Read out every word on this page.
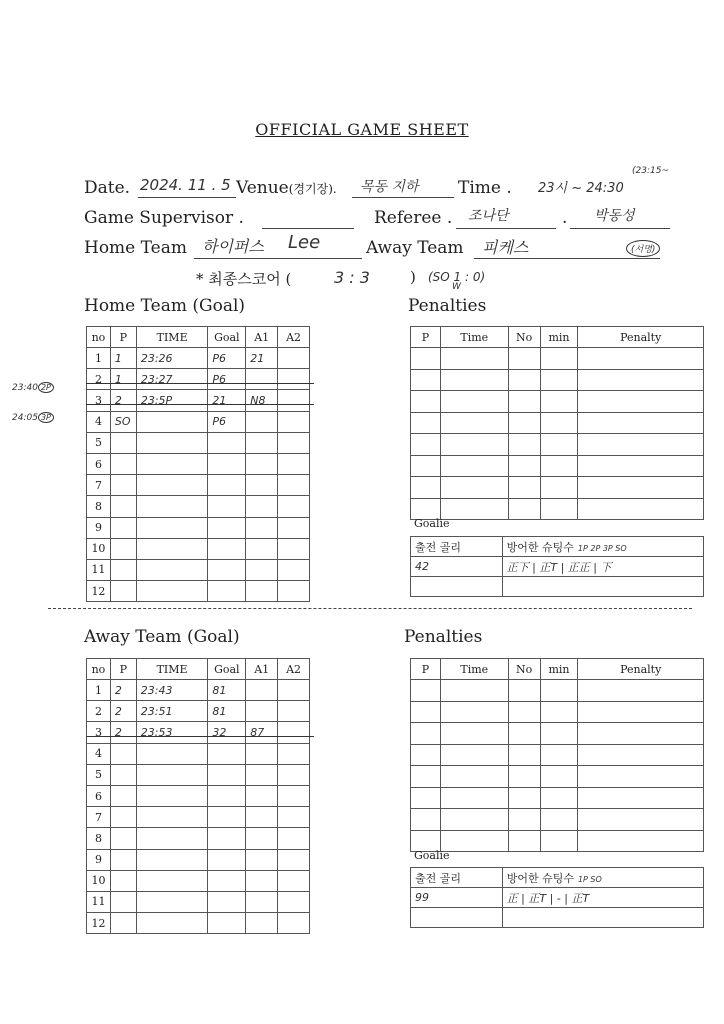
OFFICIAL GAME SHEET
Date. 2024. 11 . 5 Venue(경기장). 목동 지하 Time . 23시 ~ 24:30
(23:15~
Game Supervisor .	Referee . 조나단	. 박동성
Home Team 하이퍼스 Lee	Away Team 피케스	(서명)
* 최종스코어 (	3 : 3	) (SO 1 : 0)
W
Home Team (Goal)	Penalties
no	P	TIME	Goal	A1	A2
1	1	23:26	P6	21	
2	1	23:27	P6		
3	2	23:5P	21	N8	
4	SO		P6		
5					
6					
7					
8					
9					
10					
11					
12					
23:40 2P
24:05 3P
P	Time	No	min	Penalty

Goalie
출전 골리	방어한 슈팅수 1P 2P 3P SO
42	正下 | 正T | 正正 | 下

Away Team (Goal)	Penalties
no	P	TIME	Goal	A1	A2
1	2	23:43	81		
2	2	23:51	81		
3	2	23:53	32	87	
4					
5					
6					
7					
8					
9					
10					
11					
12					
P	Time	No	min	Penalty

Goalie
출전 골리	방어한 슈팅수 1P SO
99	正 | 正T | - | 正T
